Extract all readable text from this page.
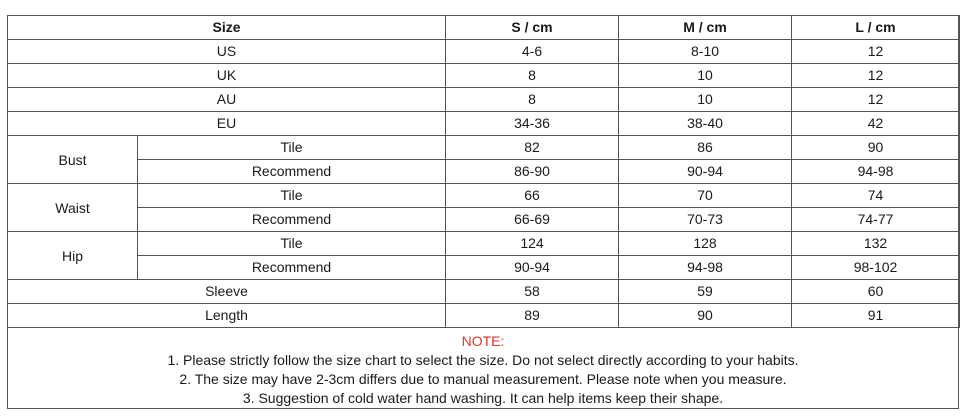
Size		S / cm	M / cm	L / cm
US		4-6	8-10	12
UK		8	10	12
AU		8	10	12
EU		34-36	38-40	42
Bust	Tile	82	86	90
	Recommend	86-90	90-94	94-98
Waist	Tile	66	70	74
	Recommend	66-69	70-73	74-77
Hip	Tile	124	128	132
	Recommend	90-94	94-98	98-102
Sleeve		58	59	60
Length		89	90	91
NOTE:
1. Please strictly follow the size chart to select the size. Do not select directly according to your habits.
2. The size may have 2-3cm differs due to manual measurement. Please note when you measure.
3. Suggestion of cold water hand washing. It can help items keep their shape.
